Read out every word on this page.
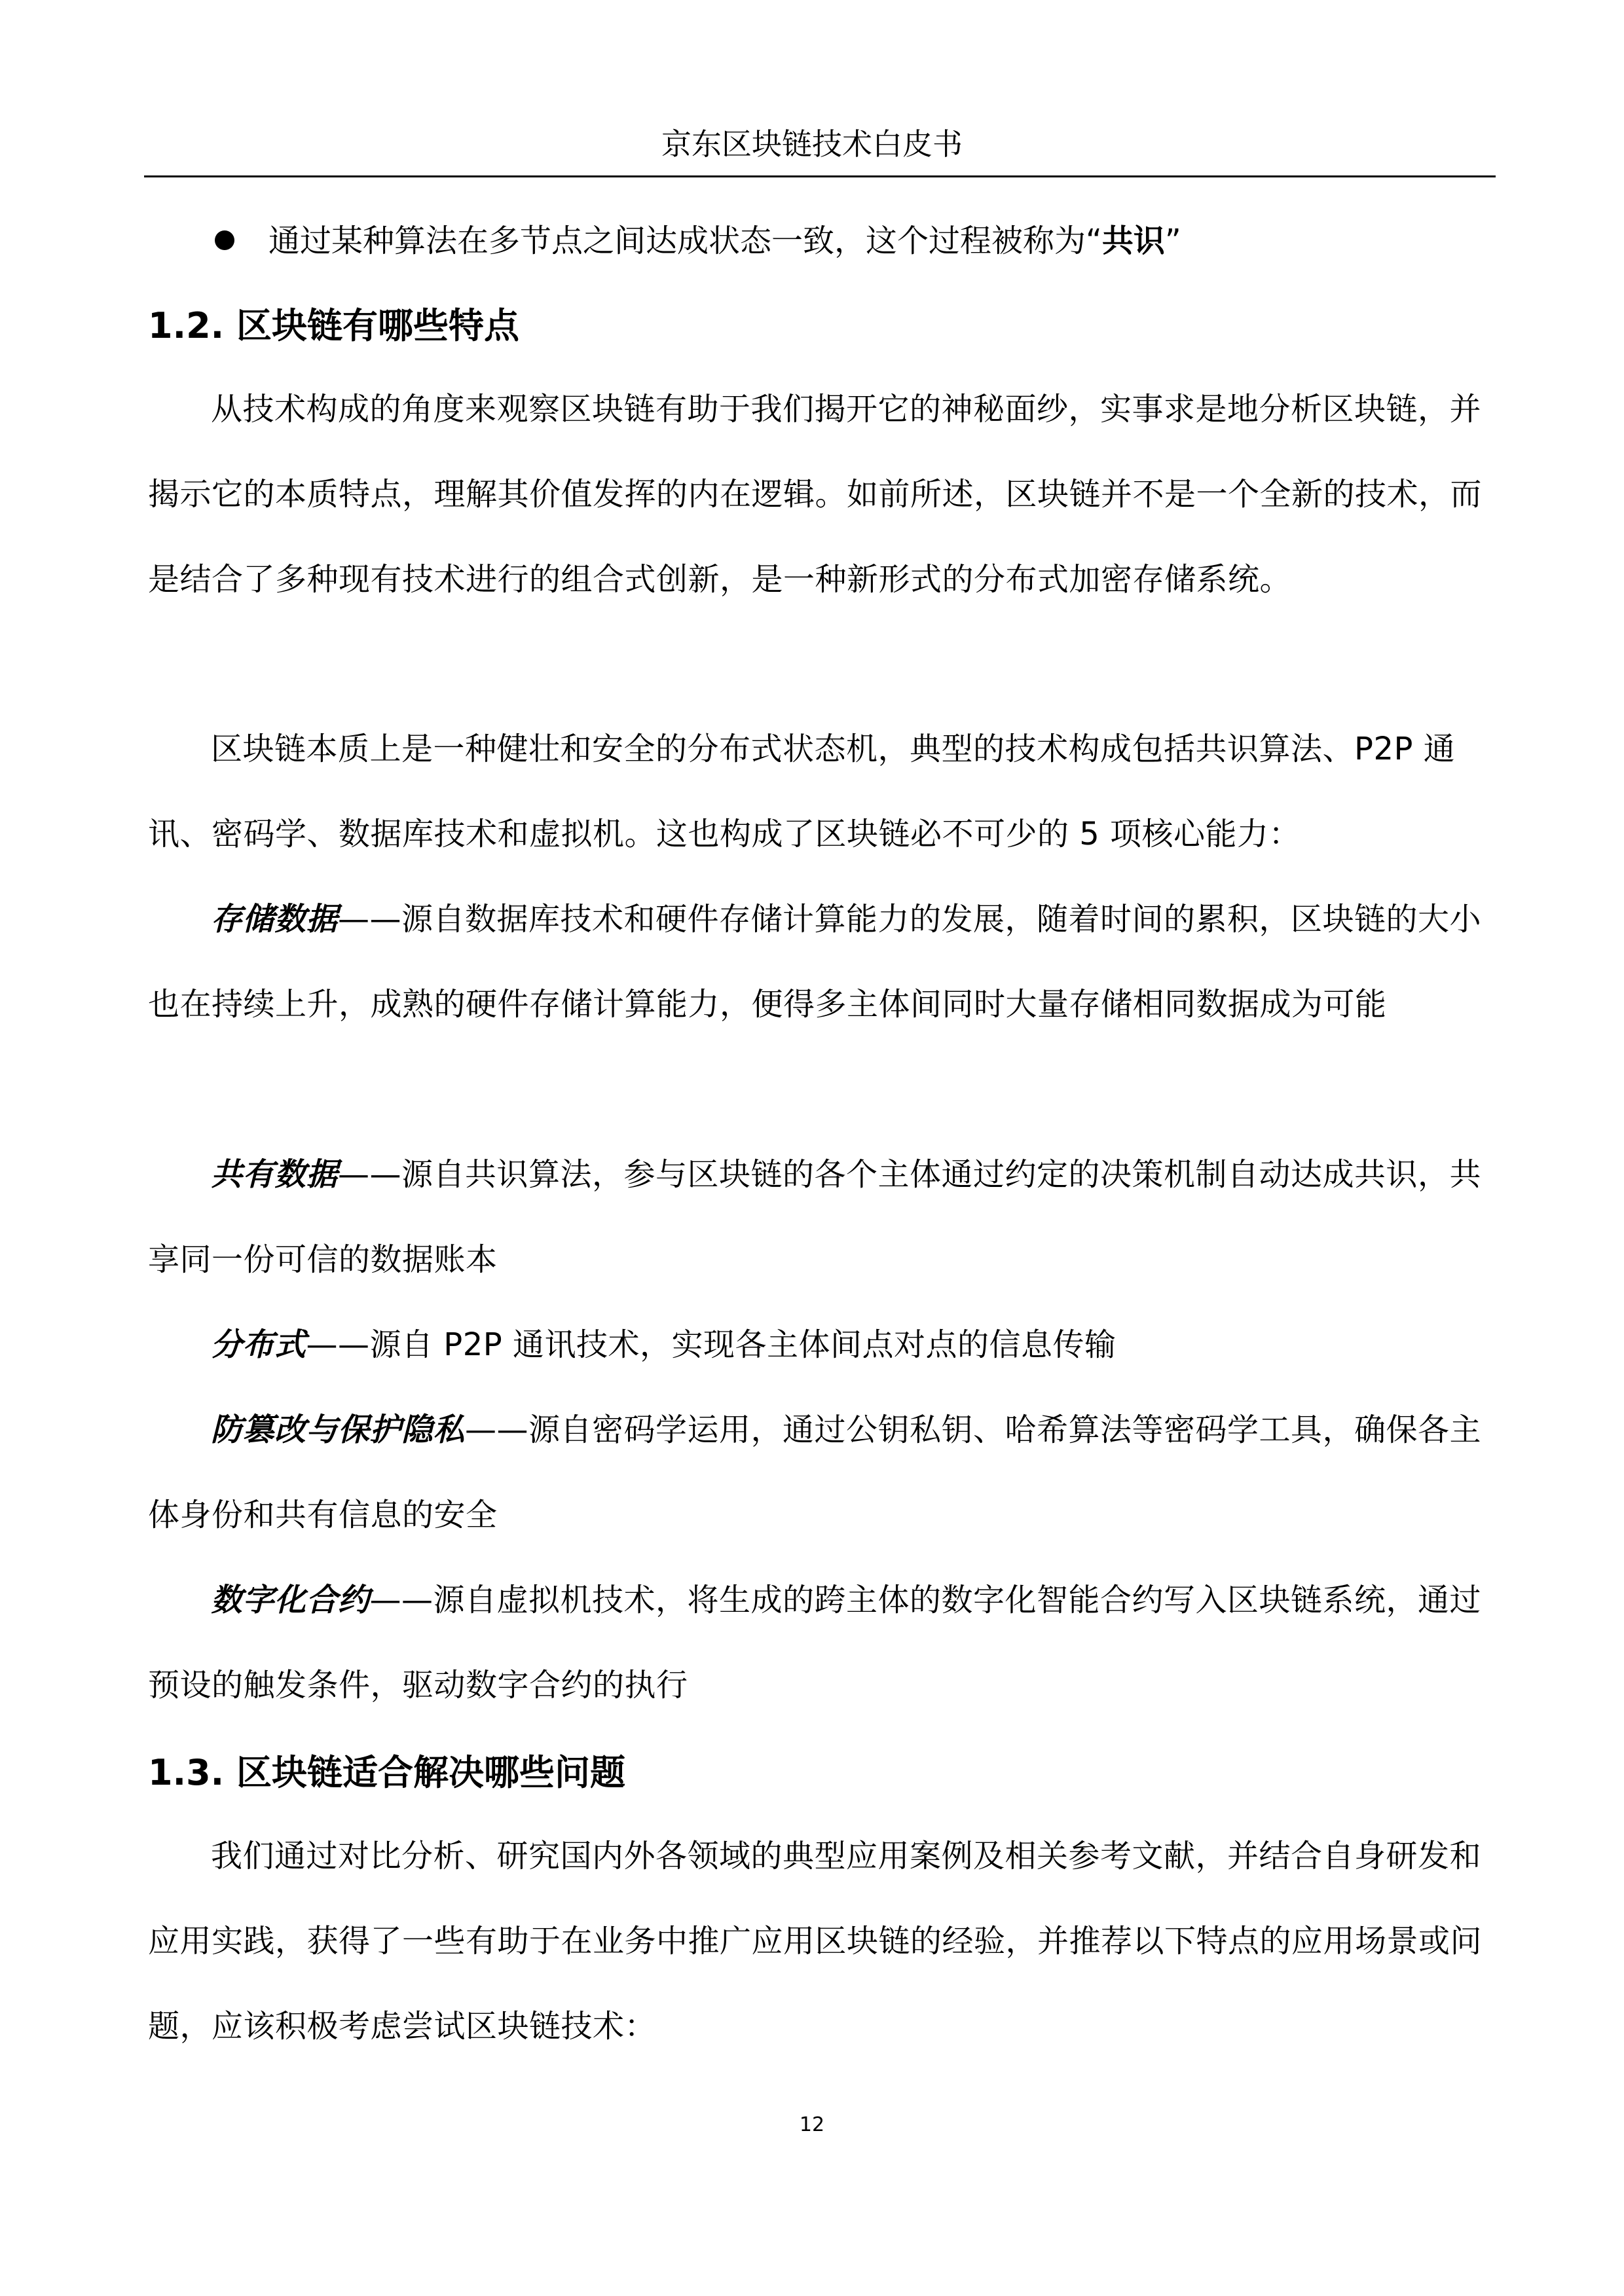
京东区块链技术白皮书
通过某种算法在多节点之间达成状态一致，这个过程被称为“共识”
1.2. 区块链有哪些特点

从技术构成的角度来观察区块链有助于我们揭开它的神秘面纱，实事求是地分析区块链，并揭示它的本质特点，理解其价值发挥的内在逻辑。如前所述，区块链并不是一个全新的技术，而是结合了多种现有技术进行的组合式创新，是一种新形式的分布式加密存储系统。

区块链本质上是一种健壮和安全的分布式状态机，典型的技术构成包括共识算法、P2P 通讯、密码学、数据库技术和虚拟机。这也构成了区块链必不可少的 5 项核心能力：

存储数据——源自数据库技术和硬件存储计算能力的发展，随着时间的累积，区块链的大小也在持续上升，成熟的硬件存储计算能力，便得多主体间同时大量存储相同数据成为可能

共有数据——源自共识算法，参与区块链的各个主体通过约定的决策机制自动达成共识，共享同一份可信的数据账本

分布式——源自 P2P 通讯技术，实现各主体间点对点的信息传输

防篡改与保护隐私——源自密码学运用，通过公钥私钥、哈希算法等密码学工具，确保各主体身份和共有信息的安全

数字化合约——源自虚拟机技术，将生成的跨主体的数字化智能合约写入区块链系统，通过预设的触发条件，驱动数字合约的执行

1.3. 区块链适合解决哪些问题

我们通过对比分析、研究国内外各领域的典型应用案例及相关参考文献，并结合自身研发和应用实践，获得了一些有助于在业务中推广应用区块链的经验，并推荐以下特点的应用场景或问题，应该积极考虑尝试区块链技术：

12
